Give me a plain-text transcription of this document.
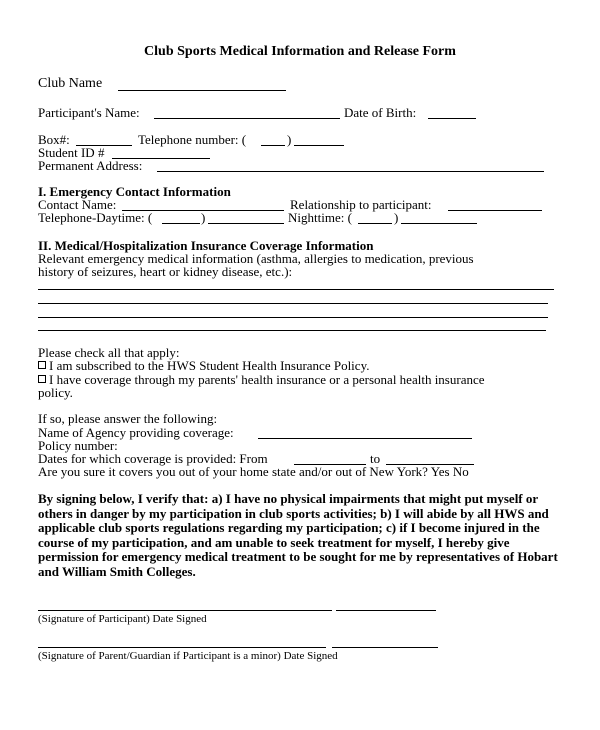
Club Sports Medical Information and Release Form
Club Name
Participant's Name:	Date of Birth:
Box#:	Telephone number: (	)
Student ID #
Permanent Address:
I. Emergency Contact Information
Contact Name:	Relationship to participant:
Telephone-Daytime: (	)	Nighttime: (	)
II. Medical/Hospitalization Insurance Coverage Information
Relevant emergency medical information (asthma, allergies to medication, previous
history of seizures, heart or kidney disease, etc.):
Please check all that apply:
I am subscribed to the HWS Student Health Insurance Policy.
I have coverage through my parents' health insurance or a personal health insurance
policy.
If so, please answer the following:
Name of Agency providing coverage:
Policy number:
Dates for which coverage is provided: From	to
Are you sure it covers you out of your home state and/or out of New York? Yes No
By signing below, I verify that: a) I have no physical impairments that might put myself or others in danger by my participation in club sports activities; b) I will abide by all HWS and applicable club sports regulations regarding my participation; c) if I become injured in the course of my participation, and am unable to seek treatment for myself, I hereby give permission for emergency medical treatment to be sought for me by representatives of Hobart and William Smith Colleges.
(Signature of Participant) Date Signed
(Signature of Parent/Guardian if Participant is a minor) Date Signed
